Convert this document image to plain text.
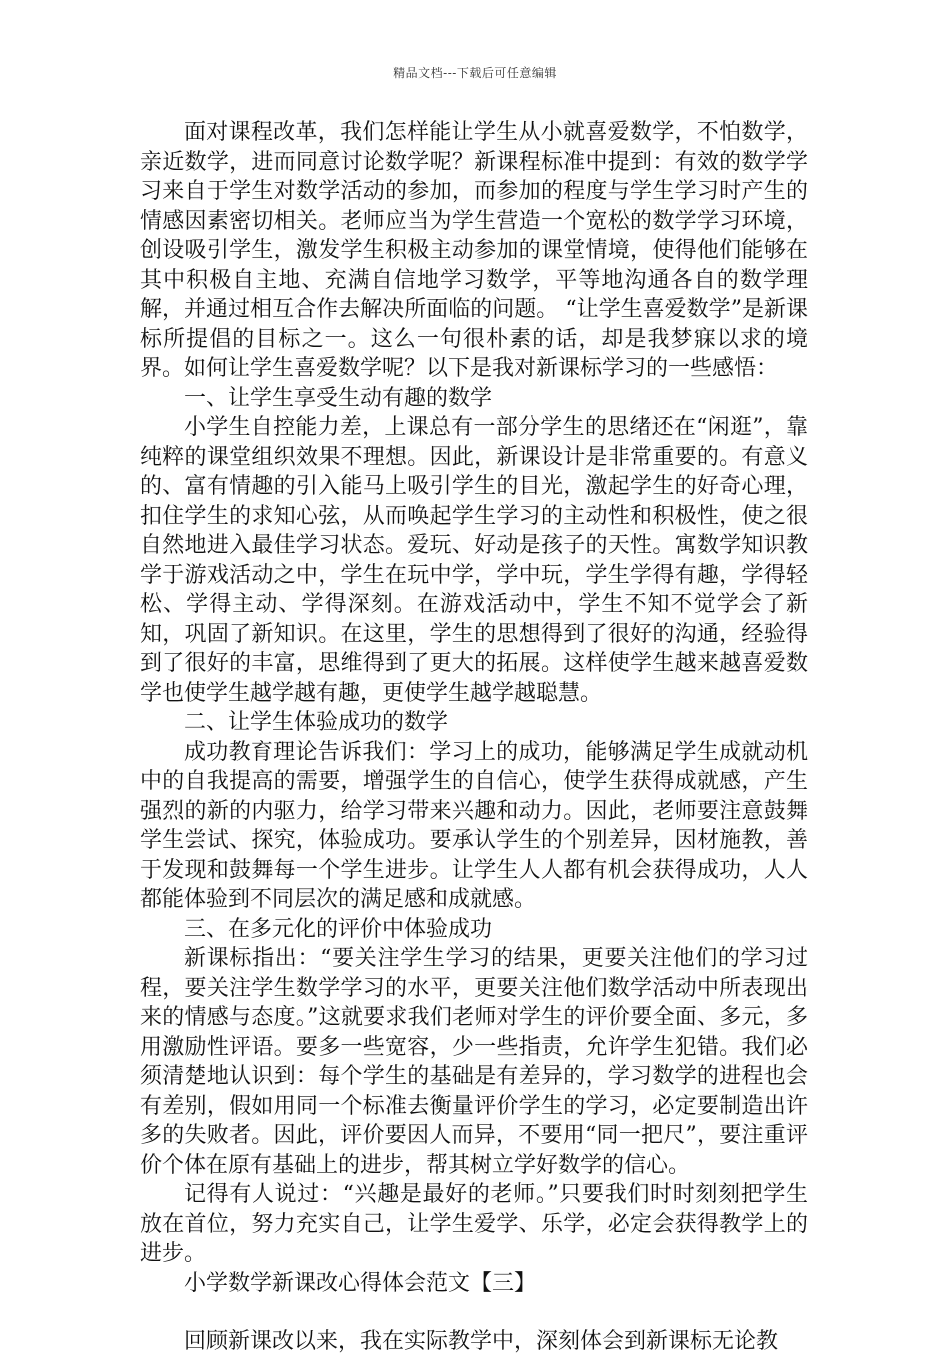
精品文档---下载后可任意编辑

面对课程改革，我们怎样能让学生从小就喜爱数学，不怕数学，亲近数学，进而同意讨论数学呢？新课程标准中提到：有效的数学学习来自于学生对数学活动的参加，而参加的程度与学生学习时产生的情感因素密切相关。老师应当为学生营造一个宽松的数学学习环境，创设吸引学生，激发学生积极主动参加的课堂情境，使得他们能够在其中积极自主地、充满自信地学习数学，平等地沟通各自的数学理解，并通过相互合作去解决所面临的问题。 “让学生喜爱数学”是新课标所提倡的目标之一。这么一句很朴素的话，却是我梦寐以求的境界。如何让学生喜爱数学呢？以下是我对新课标学习的一些感悟：

一、让学生享受生动有趣的数学

小学生自控能力差，上课总有一部分学生的思绪还在“闲逛”，靠纯粹的课堂组织效果不理想。因此，新课设计是非常重要的。有意义的、富有情趣的引入能马上吸引学生的目光，激起学生的好奇心理，扣住学生的求知心弦，从而唤起学生学习的主动性和积极性，使之很自然地进入最佳学习状态。爱玩、好动是孩子的天性。寓数学知识教学于游戏活动之中，学生在玩中学，学中玩，学生学得有趣，学得轻松、学得主动、学得深刻。在游戏活动中，学生不知不觉学会了新知，巩固了新知识。在这里，学生的思想得到了很好的沟通，经验得到了很好的丰富，思维得到了更大的拓展。这样使学生越来越喜爱数学也使学生越学越有趣，更使学生越学越聪慧。

二、让学生体验成功的数学

成功教育理论告诉我们：学习上的成功，能够满足学生成就动机中的自我提高的需要，增强学生的自信心，使学生获得成就感，产生强烈的新的内驱力，给学习带来兴趣和动力。因此，老师要注意鼓舞学生尝试、探究，体验成功。要承认学生的个别差异，因材施教，善于发现和鼓舞每一个学生进步。让学生人人都有机会获得成功，人人都能体验到不同层次的满足感和成就感。

三、在多元化的评价中体验成功

新课标指出：“要关注学生学习的结果，更要关注他们的学习过程，要关注学生数学学习的水平，更要关注他们数学活动中所表现出来的情感与态度。”这就要求我们老师对学生的评价要全面、多元，多用激励性评语。要多一些宽容，少一些指责，允许学生犯错。我们必须清楚地认识到：每个学生的基础是有差异的，学习数学的进程也会有差别，假如用同一个标准去衡量评价学生的学习，必定要制造出许多的失败者。因此，评价要因人而异，不要用“同一把尺”，要注重评价个体在原有基础上的进步，帮其树立学好数学的信心。

记得有人说过：“兴趣是最好的老师。”只要我们时时刻刻把学生放在首位，努力充实自己，让学生爱学、乐学，必定会获得教学上的进步。

小学数学新课改心得体会范文【三】

回顾新课改以来，我在实际教学中，深刻体会到新课标无论教
